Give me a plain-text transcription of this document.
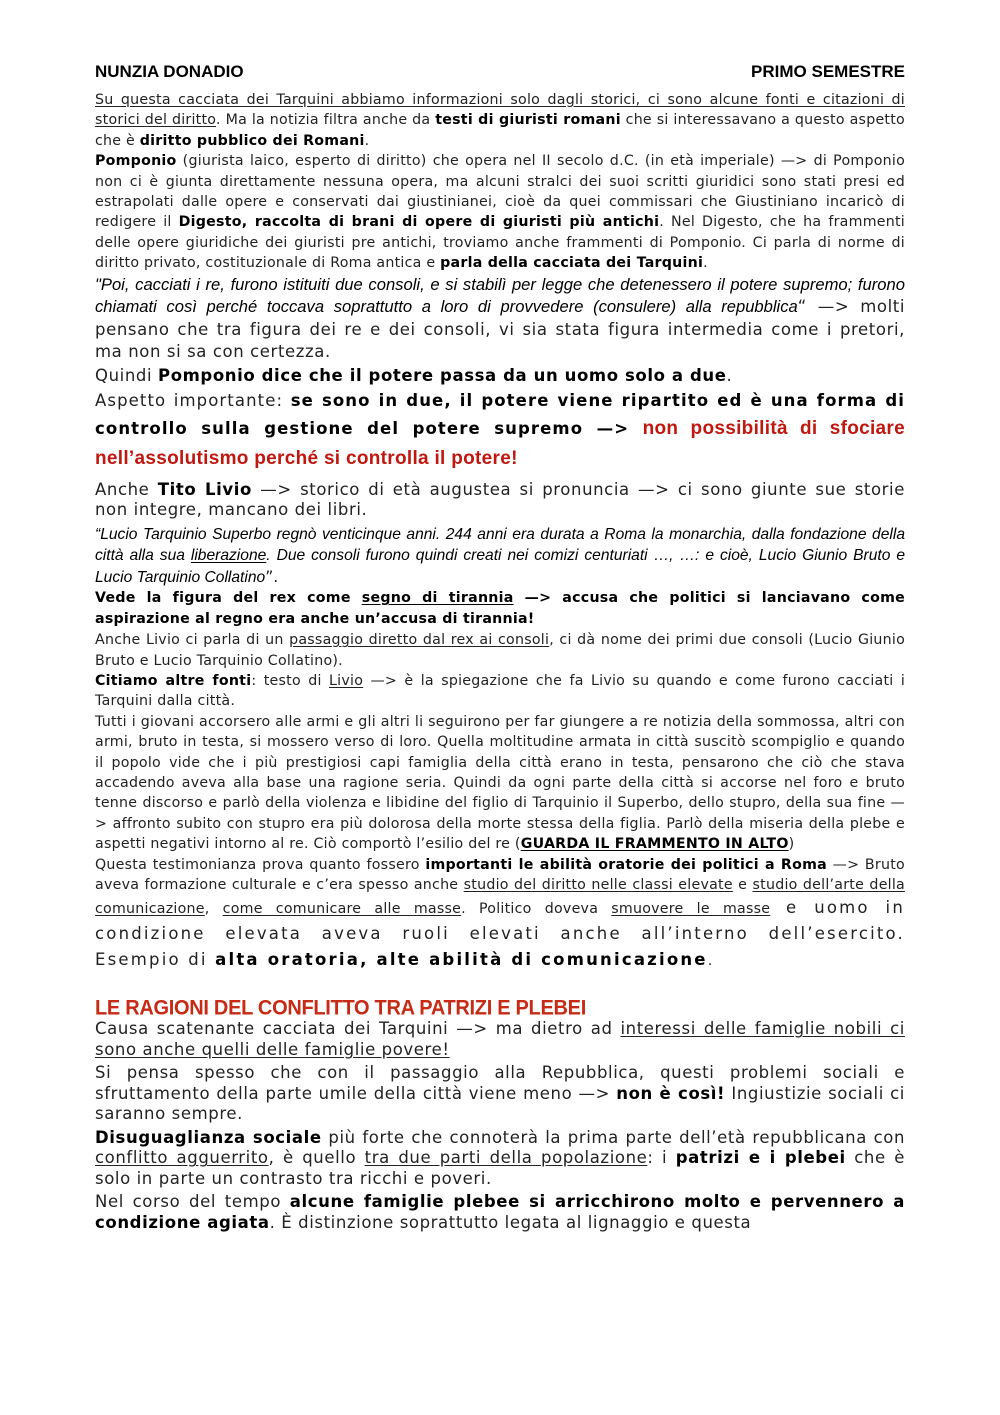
NUNZIA DONADIO	PRIMO SEMESTRE

Su questa cacciata dei Tarquini abbiamo informazioni solo dagli storici, ci sono alcune fonti e citazioni di storici del diritto. Ma la notizia filtra anche da testi di giuristi romani che si interessavano a questo aspetto che è diritto pubblico dei Romani.

Pomponio (giurista laico, esperto di diritto) che opera nel II secolo d.C. (in età imperiale) —> di Pomponio non ci è giunta direttamente nessuna opera, ma alcuni stralci dei suoi scritti giuridici sono stati presi ed estrapolati dalle opere e conservati dai giustinianei, cioè da quei commissari che Giustiniano incaricò di redigere il Digesto, raccolta di brani di opere di giuristi più antichi. Nel Digesto, che ha frammenti delle opere giuridiche dei giuristi pre antichi, troviamo anche frammenti di Pomponio. Ci parla di norme di diritto privato, costituzionale di Roma antica e parla della cacciata dei Tarquini.

"Poi, cacciati i re, furono istituiti due consoli, e si stabilì per legge che detenessero il potere supremo; furono chiamati così perché toccava soprattutto a loro di provvedere (consulere) alla repubblica“ —> molti pensano che tra figura dei re e dei consoli, vi sia stata figura intermedia come i pretori, ma non si sa con certezza.

Quindi Pomponio dice che il potere passa da un uomo solo a due.

Aspetto importante: se sono in due, il potere viene ripartito ed è una forma di controllo sulla gestione del potere supremo —> non possibilità di sfociare nell’assolutismo perché si controlla il potere!

Anche Tito Livio —> storico di età augustea si pronuncia —> ci sono giunte sue storie non integre, mancano dei libri.

“Lucio Tarquinio Superbo regnò venticinque anni. 244 anni era durata a Roma la monarchia, dalla fondazione della città alla sua liberazione. Due consoli furono quindi creati nei comizi centuriati …, …: e cioè, Lucio Giunio Bruto e Lucio Tarquinio Collatino”.

Vede la figura del rex come segno di tirannia —> accusa che politici si lanciavano come aspirazione al regno era anche un’accusa di tirannia!

Anche Livio ci parla di un passaggio diretto dal rex ai consoli, ci dà nome dei primi due consoli (Lucio Giunio Bruto e Lucio Tarquinio Collatino).

Citiamo altre fonti: testo di Livio —> è la spiegazione che fa Livio su quando e come furono cacciati i Tarquini dalla città.

Tutti i giovani accorsero alle armi e gli altri li seguirono per far giungere a re notizia della sommossa, altri con armi, bruto in testa, si mossero verso di loro. Quella moltitudine armata in città suscitò scompiglio e quando il popolo vide che i più prestigiosi capi famiglia della città erano in testa, pensarono che ciò che stava accadendo aveva alla base una ragione seria. Quindi da ogni parte della città si accorse nel foro e bruto tenne discorso e parlò della violenza e libidine del figlio di Tarquinio il Superbo, dello stupro, della sua fine —> affronto subito con stupro era più dolorosa della morte stessa della figlia. Parlò della miseria della plebe e aspetti negativi intorno al re. Ciò comportò l’esilio del re (GUARDA IL FRAMMENTO IN ALTO)

Questa testimonianza prova quanto fossero importanti le abilità oratorie dei politici a Roma —> Bruto aveva formazione culturale e c’era spesso anche studio del diritto nelle classi elevate e studio dell’arte della comunicazione, come comunicare alle masse. Politico doveva smuovere le masse e uomo in condizione elevata aveva ruoli elevati anche all’interno dell’esercito. Esempio di alta oratoria, alte abilità di comunicazione.

LE RAGIONI DEL CONFLITTO TRA PATRIZI E PLEBEI

Causa scatenante cacciata dei Tarquini —> ma dietro ad interessi delle famiglie nobili ci sono anche quelli delle famiglie povere!

Si pensa spesso che con il passaggio alla Repubblica, questi problemi sociali e sfruttamento della parte umile della città viene meno —> non è così! Ingiustizie sociali ci saranno sempre.

Disuguaglianza sociale più forte che connoterà la prima parte dell’età repubblicana con conflitto agguerrito, è quello tra due parti della popolazione: i patrizi e i plebei che è solo in parte un contrasto tra ricchi e poveri.

Nel corso del tempo alcune famiglie plebee si arricchirono molto e pervennero a condizione agiata. È distinzione soprattutto legata al lignaggio e questa
